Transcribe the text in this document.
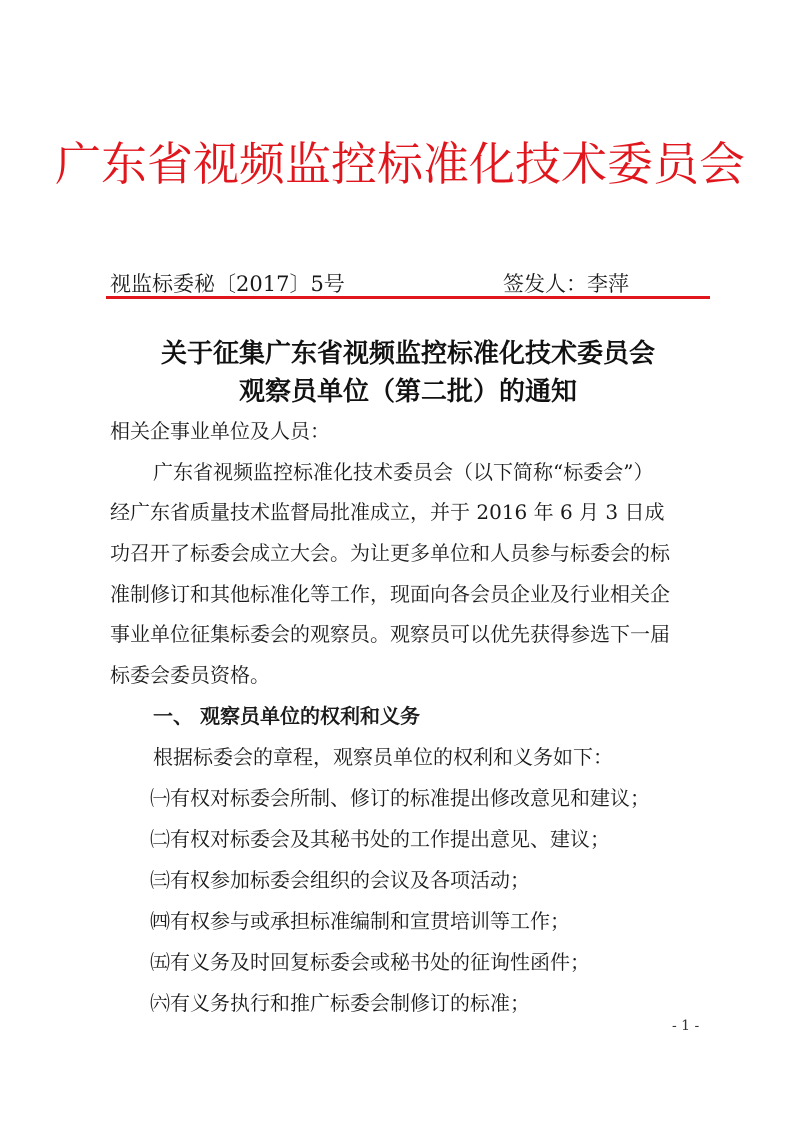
广东省视频监控标准化技术委员会
视监标委秘〔2017〕5号	签发人：李萍
关于征集广东省视频监控标准化技术委员会
观察员单位（第二批）的通知
相关企事业单位及人员：
广东省视频监控标准化技术委员会（以下简称“标委会”）
经广东省质量技术监督局批准成立，并于 2016 年 6 月 3 日成
功召开了标委会成立大会。为让更多单位和人员参与标委会的标
准制修订和其他标准化等工作，现面向各会员企业及行业相关企
事业单位征集标委会的观察员。观察员可以优先获得参选下一届
标委会委员资格。
一、 观察员单位的权利和义务
根据标委会的章程，观察员单位的权利和义务如下：
㈠有权对标委会所制、修订的标准提出修改意见和建议；
㈡有权对标委会及其秘书处的工作提出意见、建议；
㈢有权参加标委会组织的会议及各项活动；
㈣有权参与或承担标准编制和宣贯培训等工作；
㈤有义务及时回复标委会或秘书处的征询性函件；
㈥有义务执行和推广标委会制修订的标准；
- 1 -
